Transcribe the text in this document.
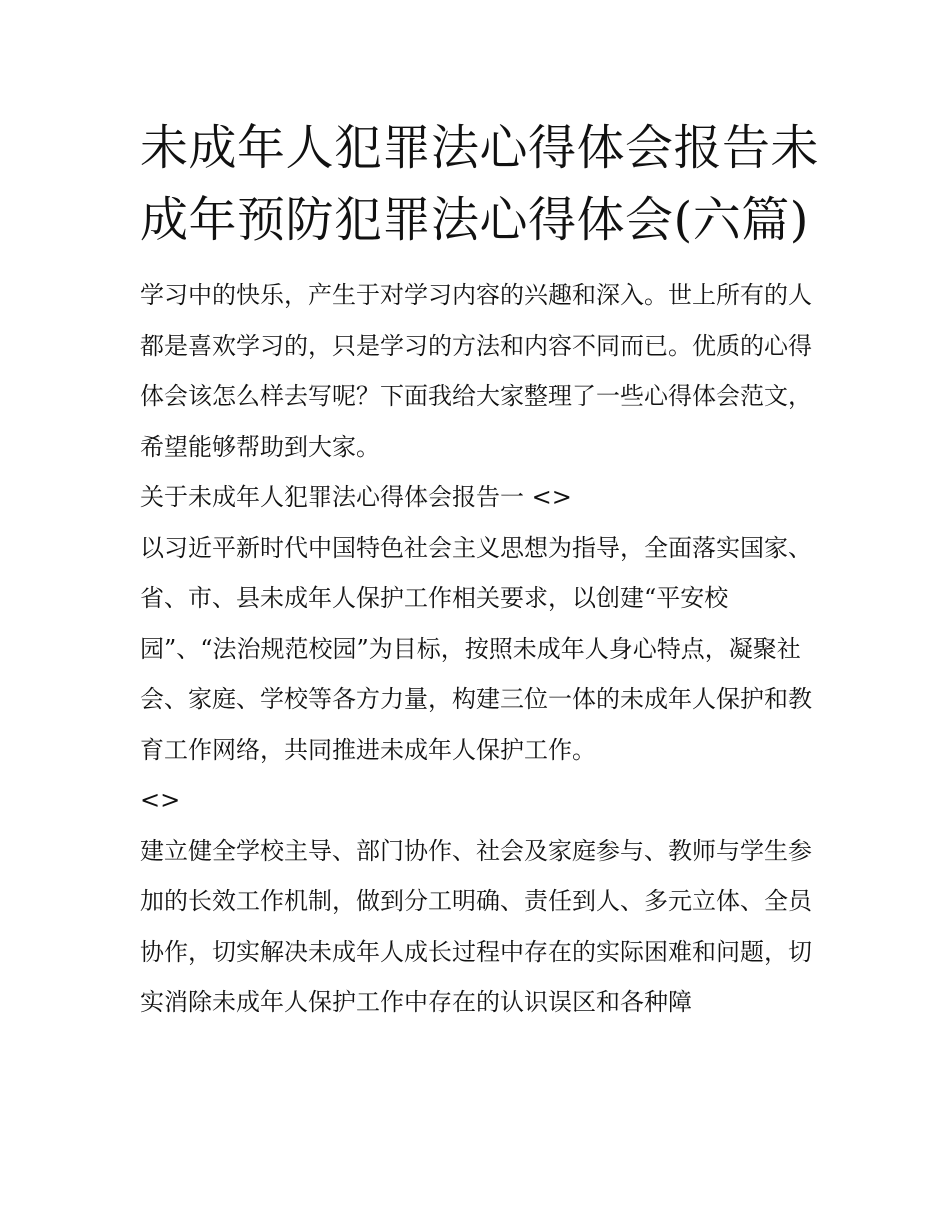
未成年人犯罪法心得体会报告未成年预防犯罪法心得体会(六篇)

学习中的快乐，产生于对学习内容的兴趣和深入。世上所有的人都是喜欢学习的，只是学习的方法和内容不同而已。优质的心得体会该怎么样去写呢？下面我给大家整理了一些心得体会范文，希望能够帮助到大家。

关于未成年人犯罪法心得体会报告一 <>

以习近平新时代中国特色社会主义思想为指导，全面落实国家、省、市、县未成年人保护工作相关要求，以创建“平安校园”、“法治规范校园”为目标，按照未成年人身心特点，凝聚社会、家庭、学校等各方力量，构建三位一体的未成年人保护和教育工作网络，共同推进未成年人保护工作。

<>

建立健全学校主导、部门协作、社会及家庭参与、教师与学生参加的长效工作机制，做到分工明确、责任到人、多元立体、全员协作，切实解决未成年人成长过程中存在的实际困难和问题，切实消除未成年人保护工作中存在的认识误区和各种障
